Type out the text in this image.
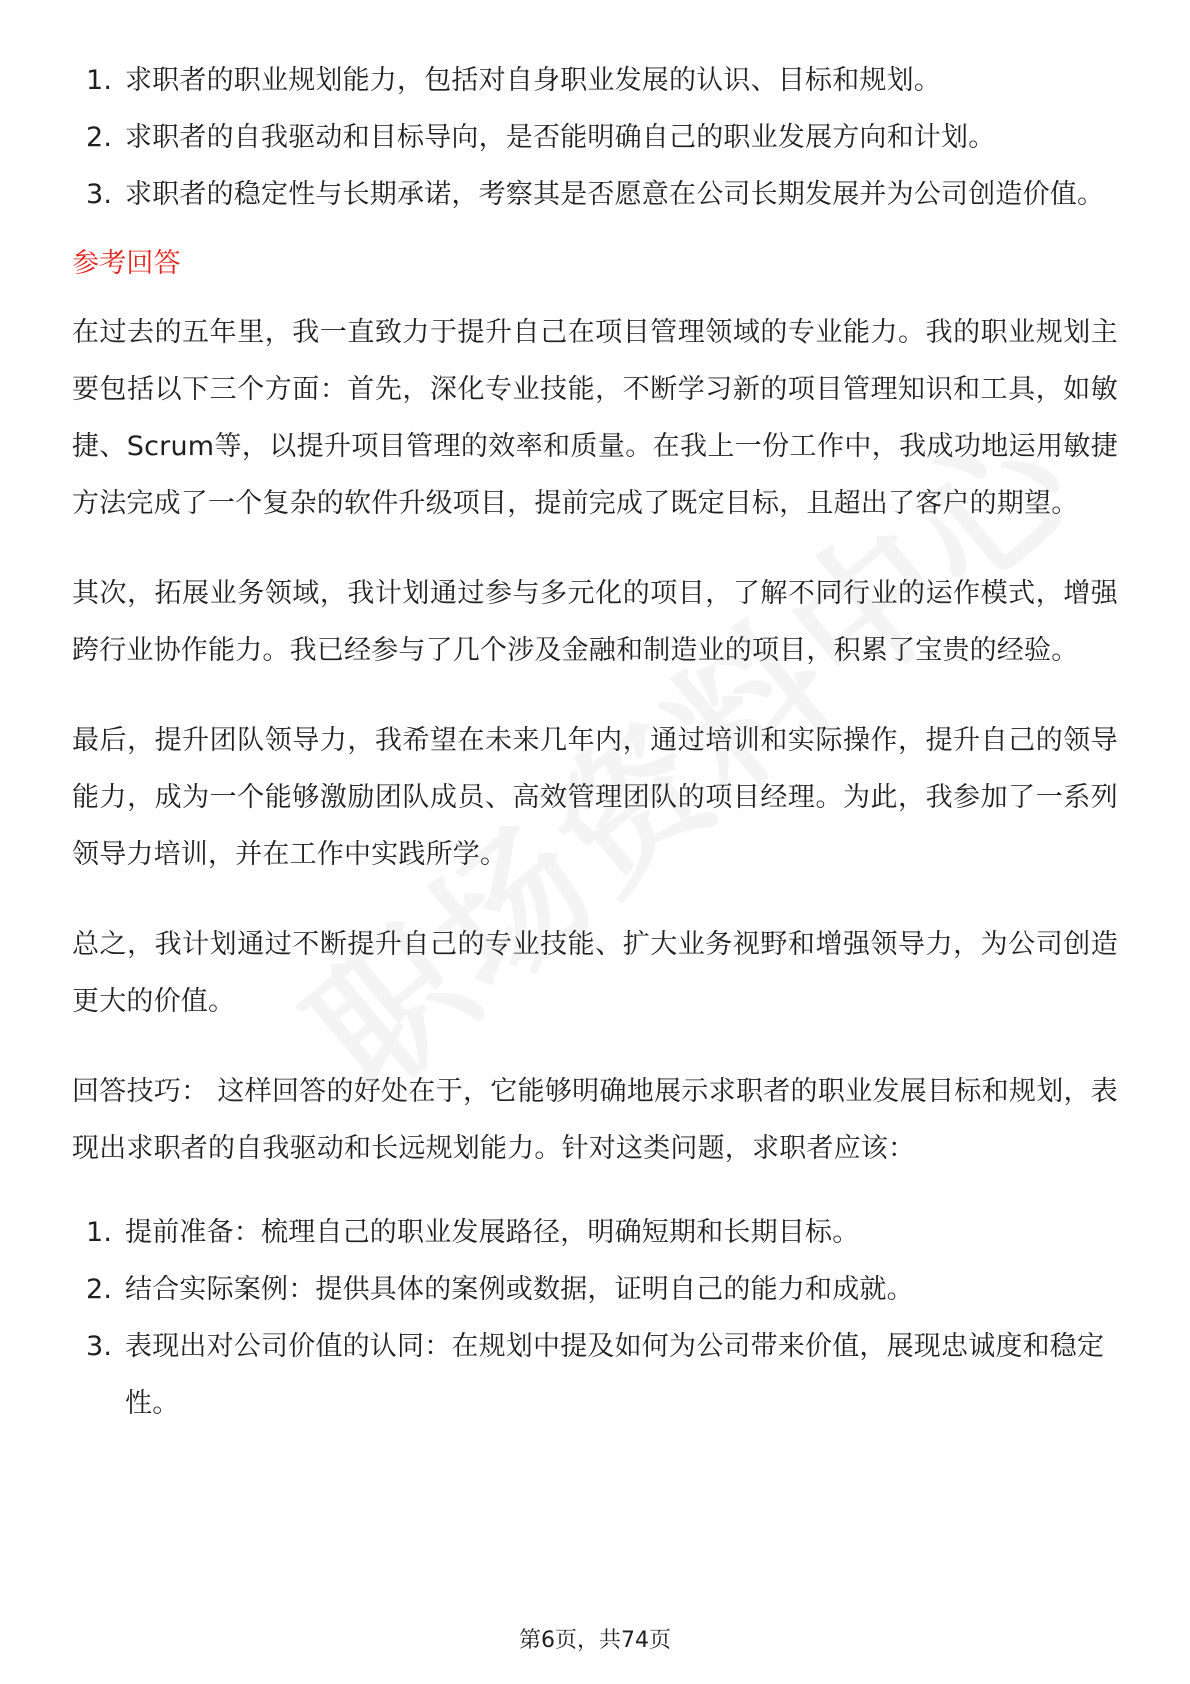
1. 求职者的职业规划能力，包括对自身职业发展的认识、目标和规划。
2. 求职者的自我驱动和目标导向，是否能明确自己的职业发展方向和计划。
3. 求职者的稳定性与长期承诺，考察其是否愿意在公司长期发展并为公司创造价值。
参考回答

在过去的五年里，我一直致力于提升自己在项目管理领域的专业能力。我的职业规划主要包括以下三个方面：首先，深化专业技能，不断学习新的项目管理知识和工具，如敏捷、Scrum等，以提升项目管理的效率和质量。在我上一份工作中，我成功地运用敏捷方法完成了一个复杂的软件升级项目，提前完成了既定目标，且超出了客户的期望。

其次，拓展业务领域，我计划通过参与多元化的项目，了解不同行业的运作模式，增强跨行业协作能力。我已经参与了几个涉及金融和制造业的项目，积累了宝贵的经验。

最后，提升团队领导力，我希望在未来几年内，通过培训和实际操作，提升自己的领导能力，成为一个能够激励团队成员、高效管理团队的项目经理。为此，我参加了一系列领导力培训，并在工作中实践所学。

总之，我计划通过不断提升自己的专业技能、扩大业务视野和增强领导力，为公司创造更大的价值。

回答技巧： 这样回答的好处在于，它能够明确地展示求职者的职业发展目标和规划，表现出求职者的自我驱动和长远规划能力。针对这类问题，求职者应该：

1. 提前准备：梳理自己的职业发展路径，明确短期和长期目标。
2. 结合实际案例：提供具体的案例或数据，证明自己的能力和成就。
3. 表现出对公司价值的认同：在规划中提及如何为公司带来价值，展现忠诚度和稳定性。
第6页，共74页
